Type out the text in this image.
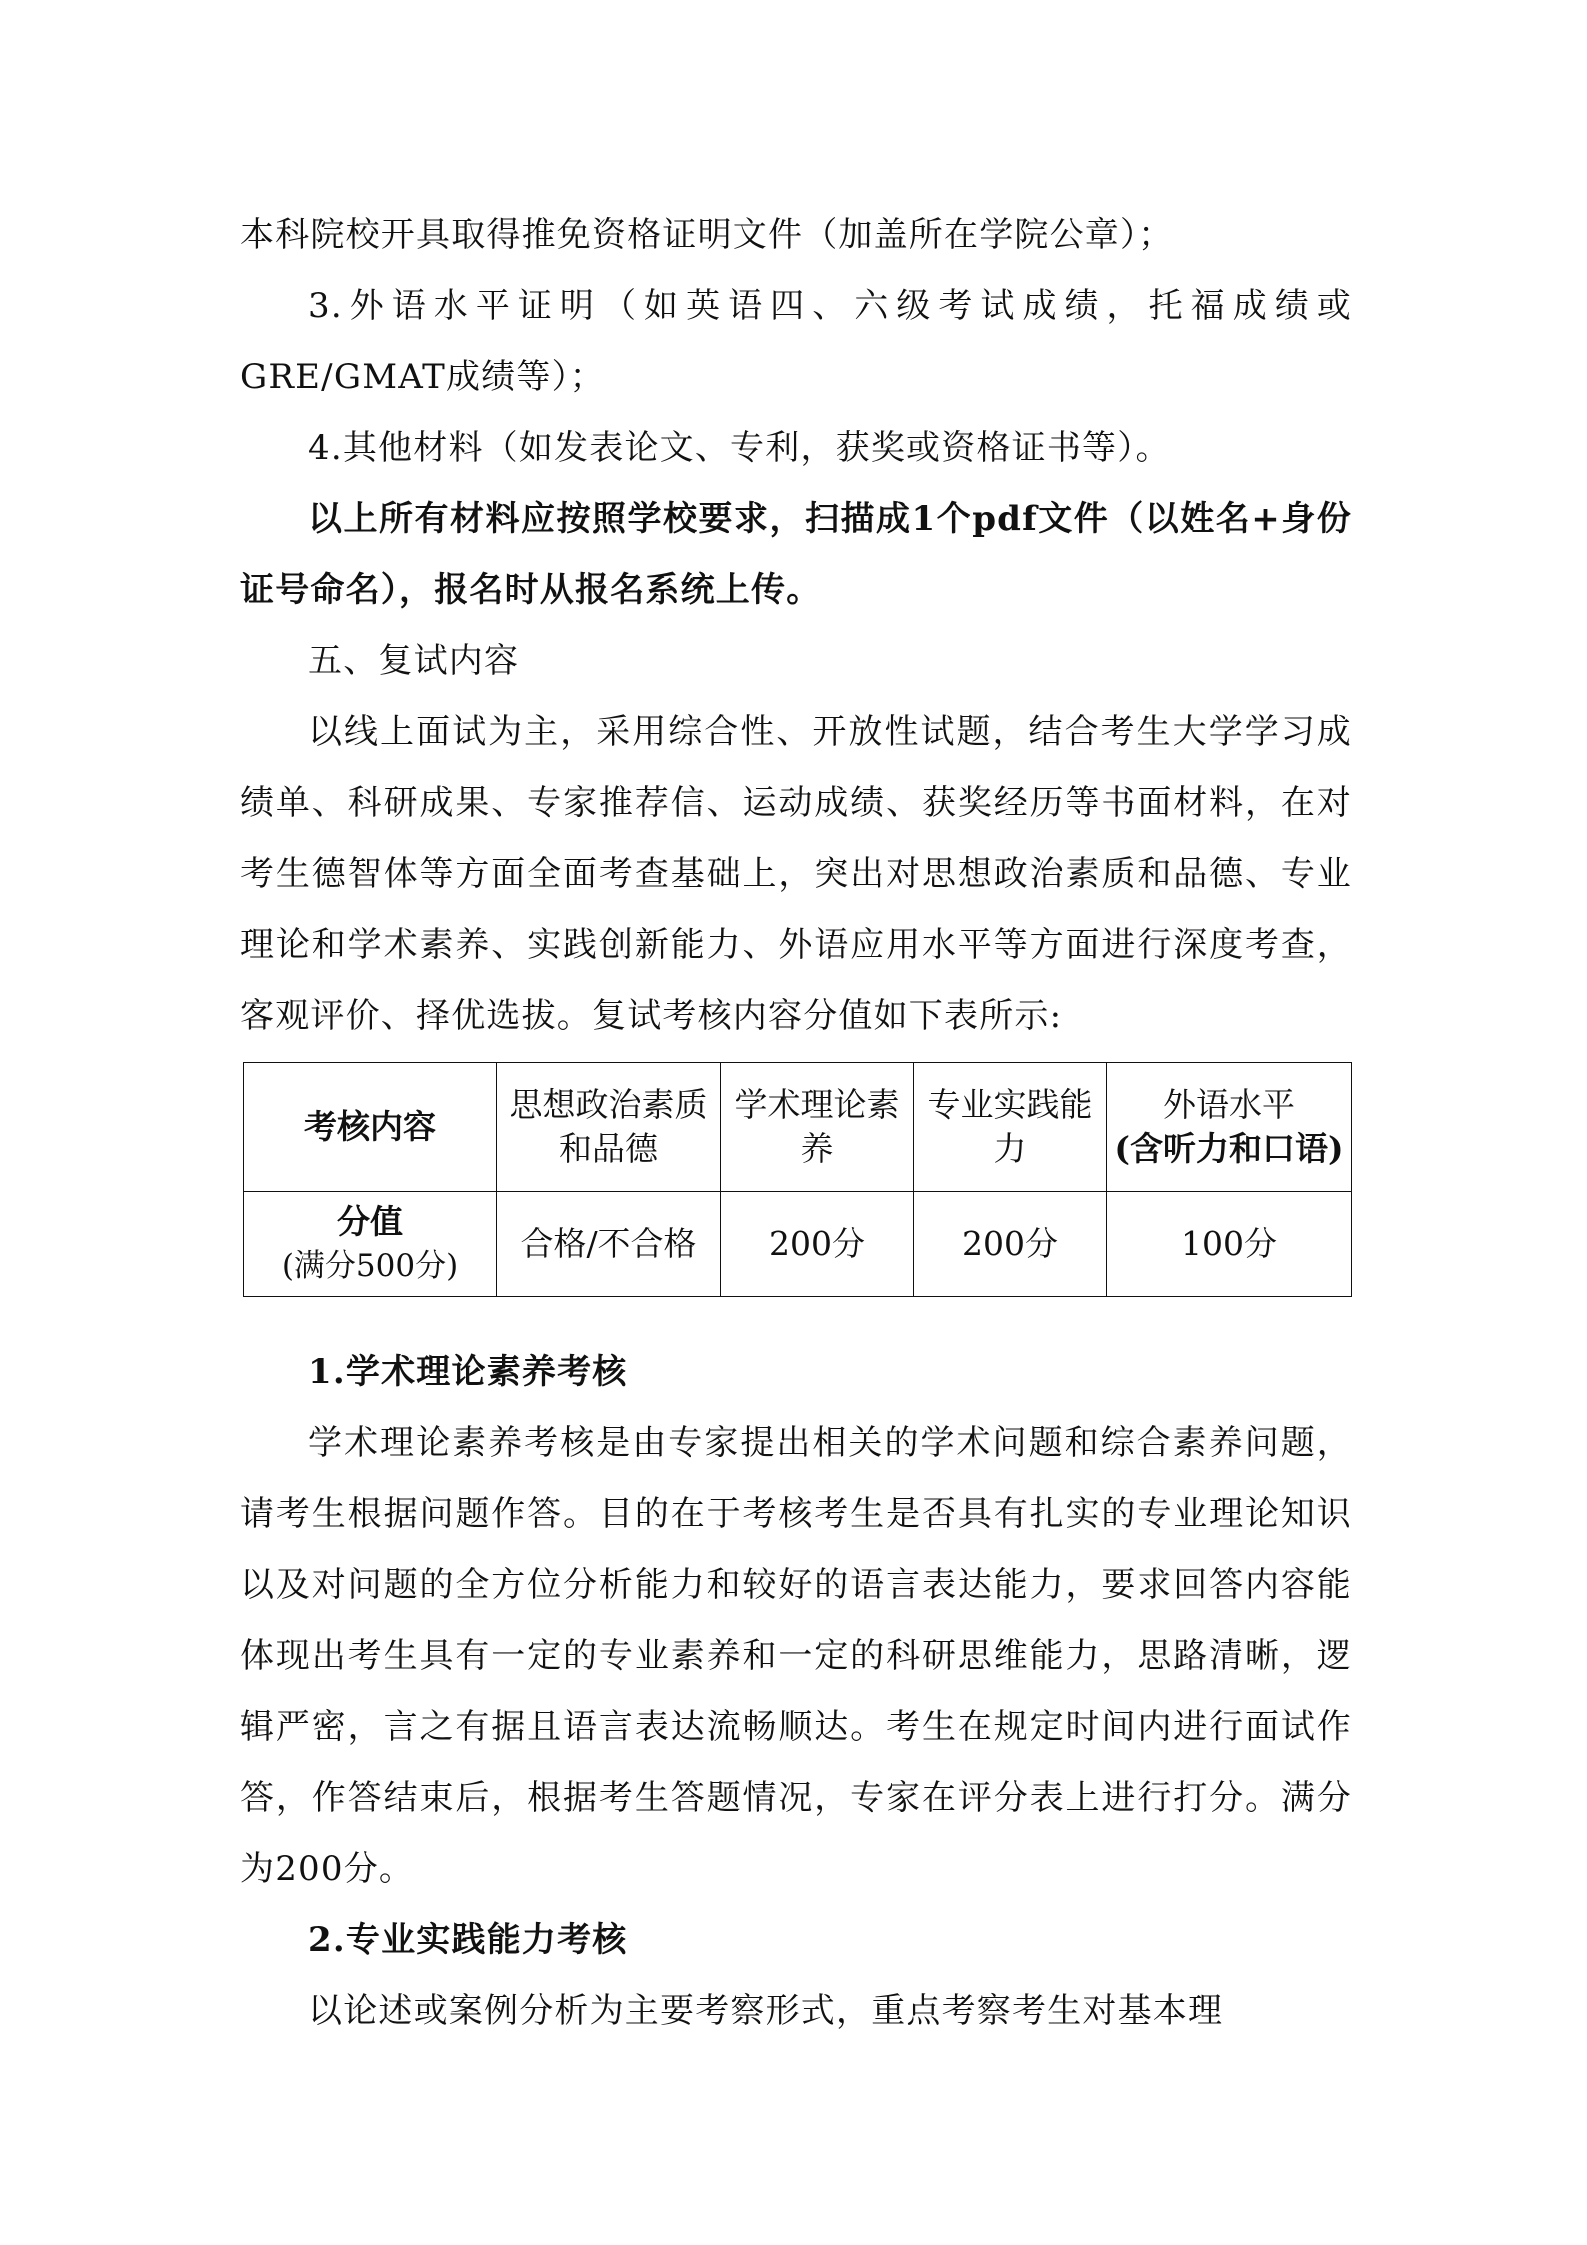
本科院校开具取得推免资格证明文件（加盖所在学院公章）；

3.外语水平证明（如英语四、六级考试成绩，托福成绩或GRE/GMAT成绩等）；

4.其他材料（如发表论文、专利，获奖或资格证书等）。

以上所有材料应按照学校要求，扫描成1个pdf文件（以姓名+身份证号命名），报名时从报名系统上传。

五、复试内容

以线上面试为主，采用综合性、开放性试题，结合考生大学学习成绩单、科研成果、专家推荐信、运动成绩、获奖经历等书面材料，在对考生德智体等方面全面考查基础上，突出对思想政治素质和品德、专业理论和学术素养、实践创新能力、外语应用水平等方面进行深度考查，客观评价、择优选拔。复试考核内容分值如下表所示:

考核内容	思想政治素质和品德	学术理论素养	专业实践能力	外语水平
(含听力和口语)

分值
(满分500分)	合格/不合格	200分	200分	100分

1.学术理论素养考核

学术理论素养考核是由专家提出相关的学术问题和综合素养问题，请考生根据问题作答。目的在于考核考生是否具有扎实的专业理论知识以及对问题的全方位分析能力和较好的语言表达能力，要求回答内容能体现出考生具有一定的专业素养和一定的科研思维能力，思路清晰，逻辑严密，言之有据且语言表达流畅顺达。考生在规定时间内进行面试作答，作答结束后，根据考生答题情况，专家在评分表上进行打分。满分为200分。

2.专业实践能力考核

以论述或案例分析为主要考察形式，重点考察考生对基本理
